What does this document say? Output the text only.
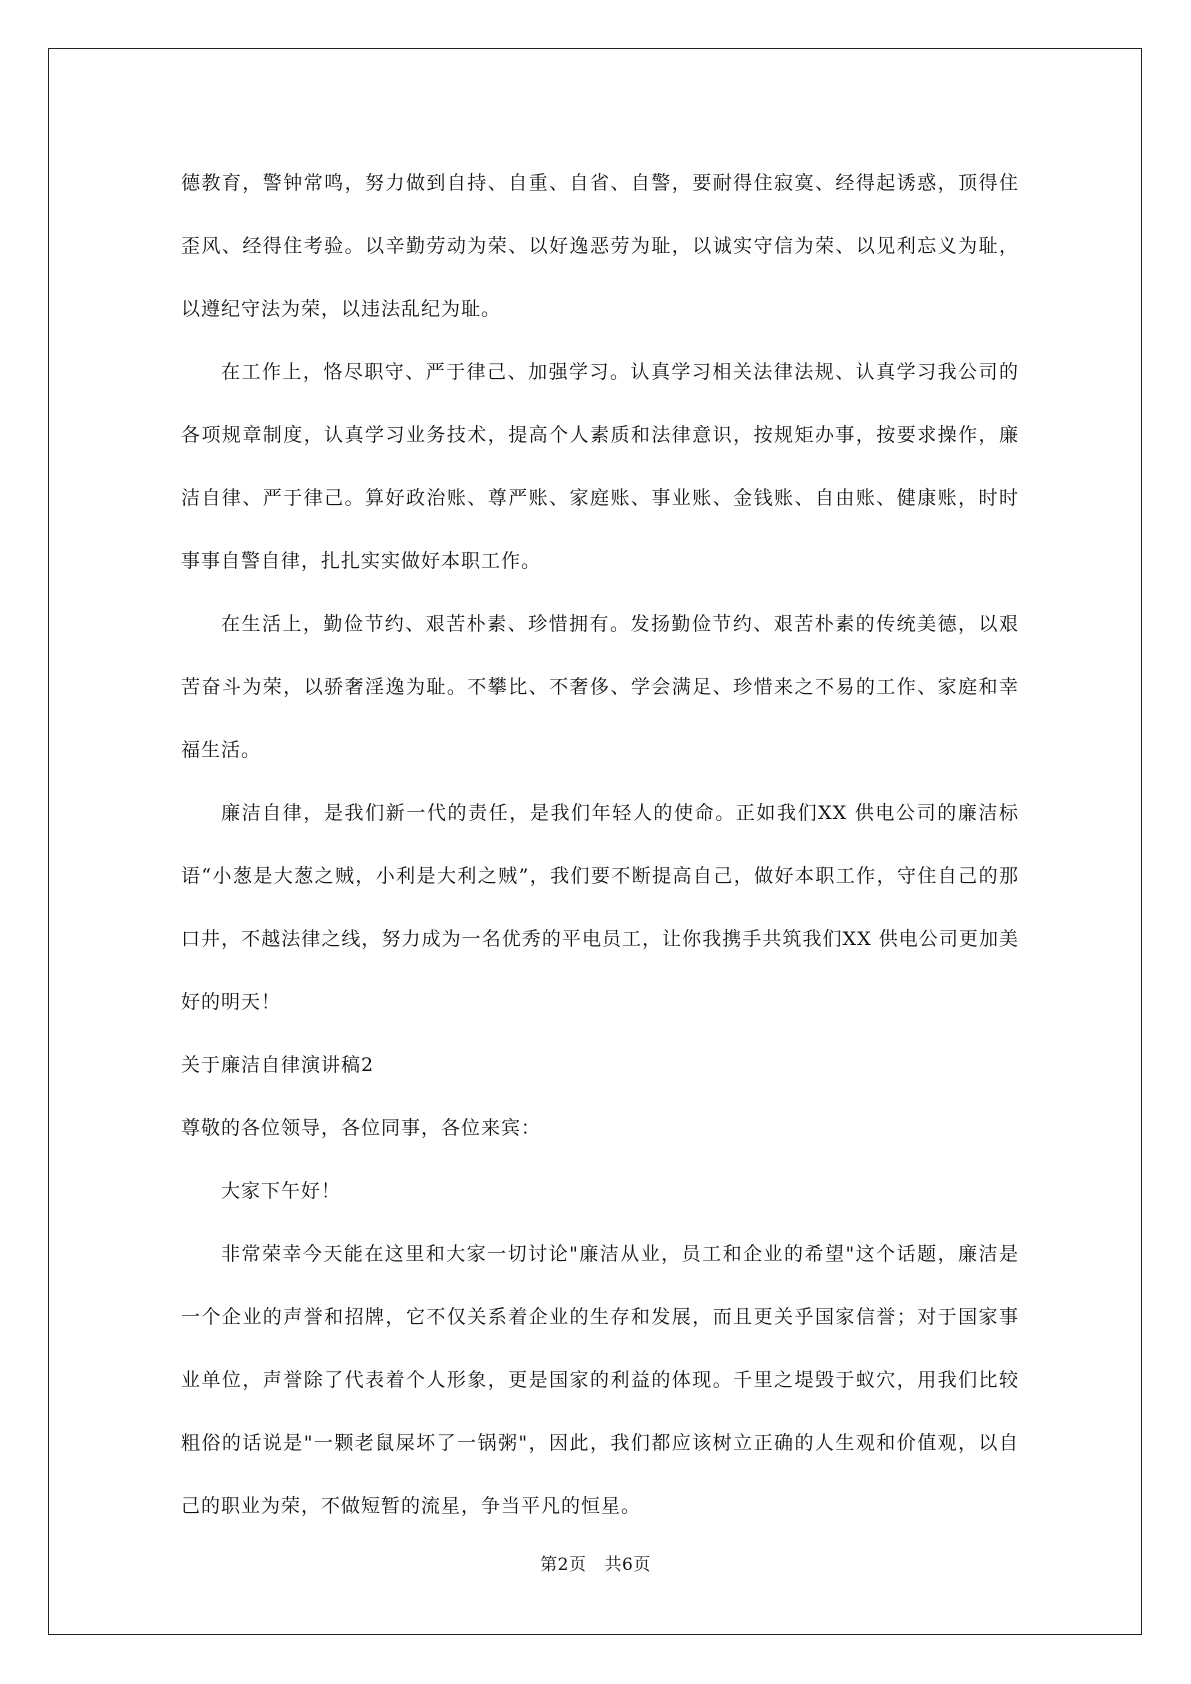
德教育，警钟常鸣，努力做到自持、自重、自省、自警，要耐得住寂寞、经得起诱惑，顶得住歪风、经得住考验。以辛勤劳动为荣、以好逸恶劳为耻，以诚实守信为荣、以见利忘义为耻，以遵纪守法为荣，以违法乱纪为耻。

在工作上，恪尽职守、严于律己、加强学习。认真学习相关法律法规、认真学习我公司的各项规章制度，认真学习业务技术，提高个人素质和法律意识，按规矩办事，按要求操作，廉洁自律、严于律己。算好政治账、尊严账、家庭账、事业账、金钱账、自由账、健康账，时时事事自警自律，扎扎实实做好本职工作。

在生活上，勤俭节约、艰苦朴素、珍惜拥有。发扬勤俭节约、艰苦朴素的传统美德，以艰苦奋斗为荣，以骄奢淫逸为耻。不攀比、不奢侈、学会满足、珍惜来之不易的工作、家庭和幸福生活。

廉洁自律，是我们新一代的责任，是我们年轻人的使命。正如我们XX 供电公司的廉洁标语“小葱是大葱之贼，小利是大利之贼”，我们要不断提高自己，做好本职工作，守住自己的那口井，不越法律之线，努力成为一名优秀的平电员工，让你我携手共筑我们XX 供电公司更加美好的明天！

关于廉洁自律演讲稿2

尊敬的各位领导，各位同事，各位来宾：

大家下午好！

非常荣幸今天能在这里和大家一切讨论"廉洁从业，员工和企业的希望"这个话题，廉洁是一个企业的声誉和招牌，它不仅关系着企业的生存和发展，而且更关乎国家信誉；对于国家事业单位，声誉除了代表着个人形象，更是国家的利益的体现。千里之堤毁于蚁穴，用我们比较粗俗的话说是"一颗老鼠屎坏了一锅粥"，因此，我们都应该树立正确的人生观和价值观，以自己的职业为荣，不做短暂的流星，争当平凡的恒星。

第2页 共6页
